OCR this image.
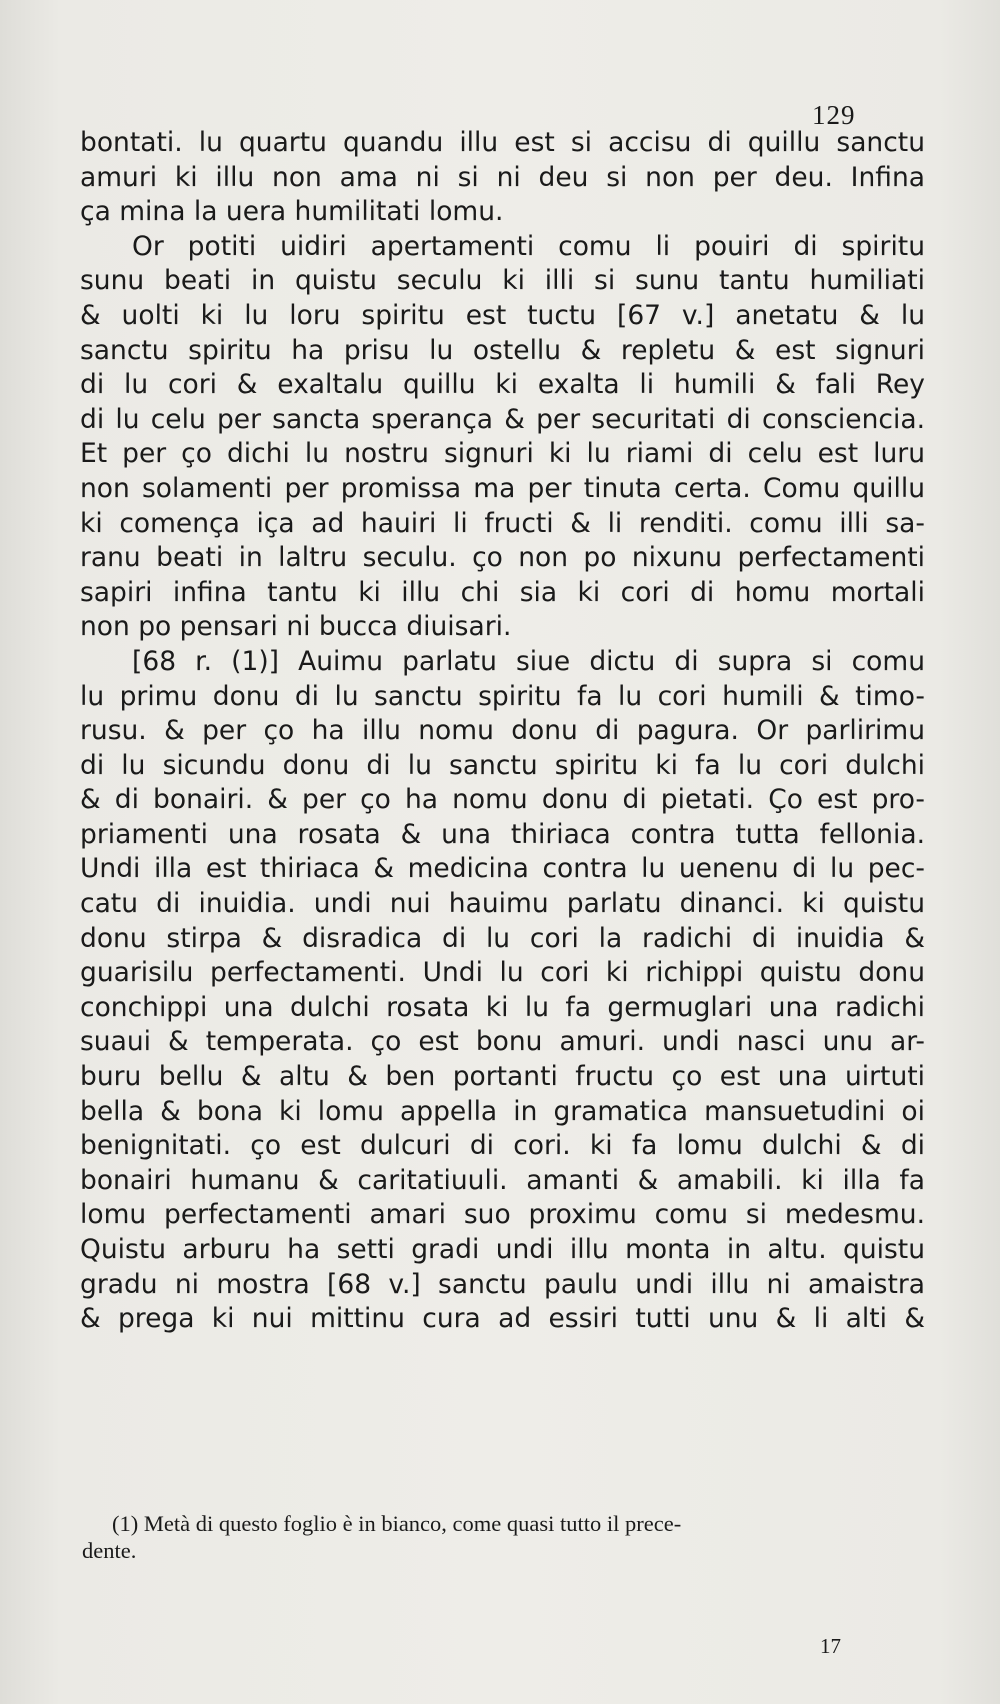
129
bontati. lu quartu quandu illu est si accisu di quillu sanctu
amuri ki illu non ama ni si ni deu si non per deu. Infina
ça mina la uera humilitati lomu.
Or potiti uidiri apertamenti comu li pouiri di spiritu
sunu beati in quistu seculu ki illi si sunu tantu humiliati
& uolti ki lu loru spiritu est tuctu [67 v.] anetatu & lu
sanctu spiritu ha prisu lu ostellu & repletu & est signuri
di lu cori & exaltalu quillu ki exalta li humili & fali Rey
di lu celu per sancta sperança & per securitati di consciencia.
Et per ço dichi lu nostru signuri ki lu riami di celu est luru
non solamenti per promissa ma per tinuta certa. Comu quillu
ki comença iça ad hauiri li fructi & li renditi. comu illi sa-
ranu beati in laltru seculu. ço non po nixunu perfectamenti
sapiri infina tantu ki illu chi sia ki cori di homu mortali
non po pensari ni bucca diuisari.
[68 r. (1)] Auimu parlatu siue dictu di supra si comu
lu primu donu di lu sanctu spiritu fa lu cori humili & timo-
rusu. & per ço ha illu nomu donu di pagura. Or parlirimu
di lu sicundu donu di lu sanctu spiritu ki fa lu cori dulchi
& di bonairi. & per ço ha nomu donu di pietati. Ço est pro-
priamenti una rosata & una thiriaca contra tutta fellonia.
Undi illa est thiriaca & medicina contra lu uenenu di lu pec-
catu di inuidia. undi nui hauimu parlatu dinanci. ki quistu
donu stirpa & disradica di lu cori la radichi di inuidia &
guarisilu perfectamenti. Undi lu cori ki richippi quistu donu
conchippi una dulchi rosata ki lu fa germuglari una radichi
suaui & temperata. ço est bonu amuri. undi nasci unu ar-
buru bellu & altu & ben portanti fructu ço est una uirtuti
bella & bona ki lomu appella in gramatica mansuetudini oi
benignitati. ço est dulcuri di cori. ki fa lomu dulchi & di
bonairi humanu & caritatiuuli. amanti & amabili. ki illa fa
lomu perfectamenti amari suo proximu comu si medesmu.
Quistu arburu ha setti gradi undi illu monta in altu. quistu
gradu ni mostra [68 v.] sanctu paulu undi illu ni amaistra
& prega ki nui mittinu cura ad essiri tutti unu & li alti &
(1) Metà di questo foglio è in bianco, come quasi tutto il prece-
dente.
17
